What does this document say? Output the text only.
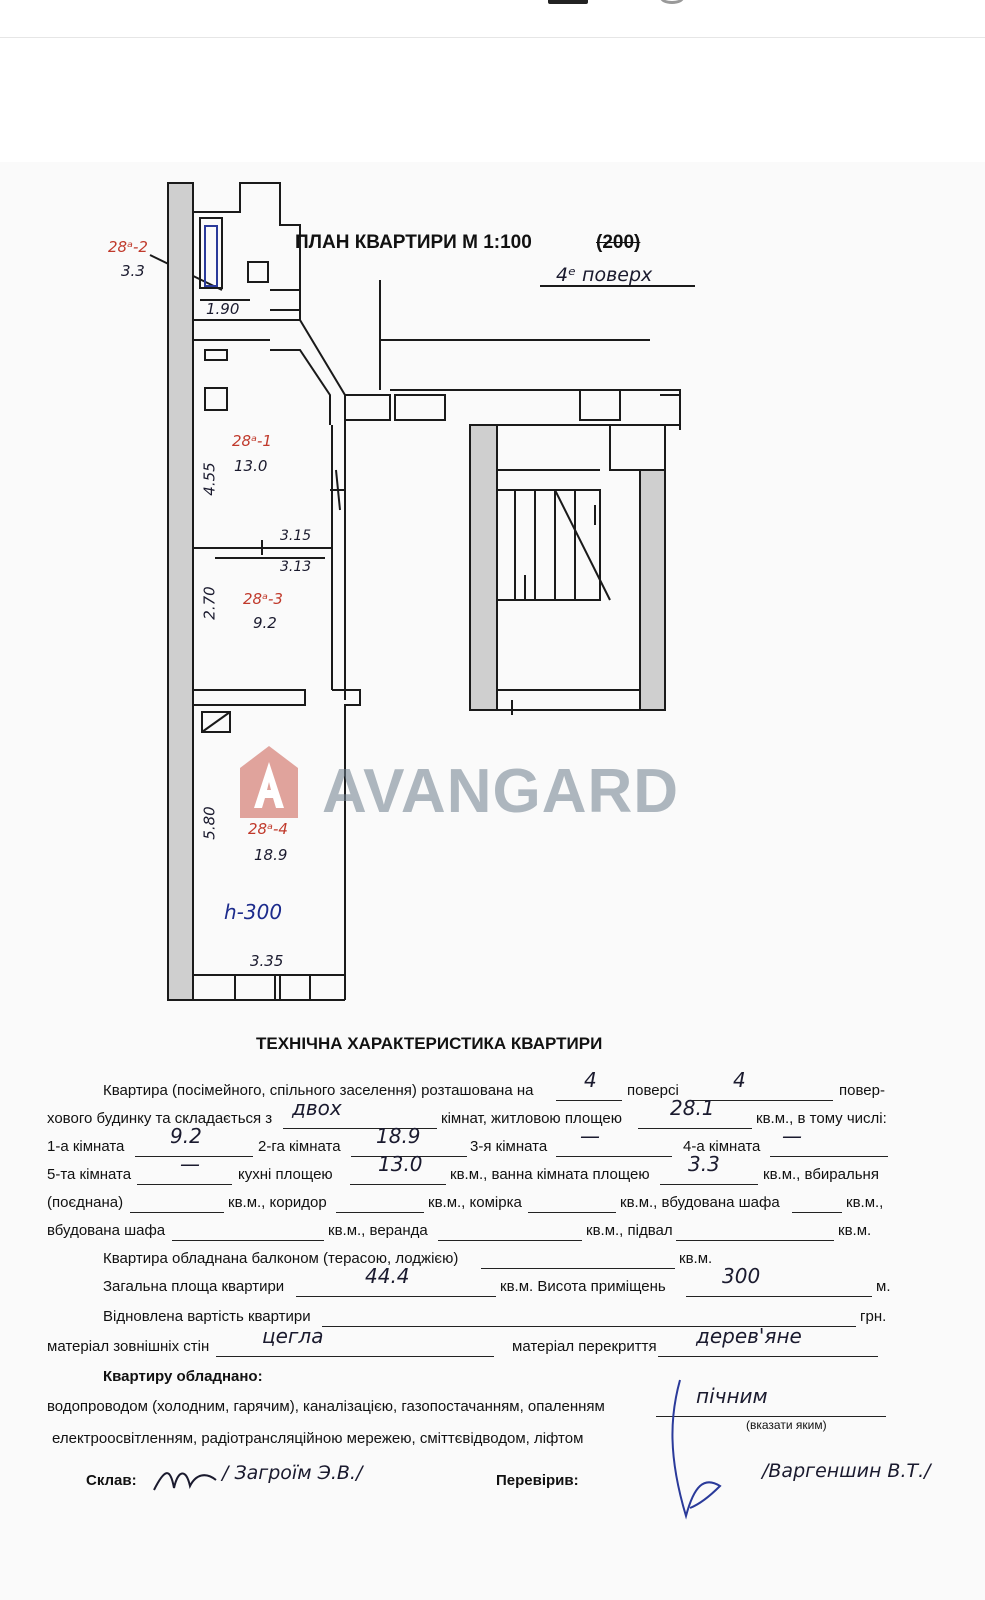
ПЛАН КВАРТИРИ М 1:100	(200)
4ᵉ поверх
28ᵃ-2
3.3
1.90
28ᵃ-1
13.0
4.55
3.15
3.13
28ᵃ-3
9.2
2.70
5.80 28ᵃ-4
18.9
h-300
3.35
AVANGARD
ТЕХНІЧНА ХАРАКТЕРИСТИКА КВАРТИРИ
Квартира (посімейного, спільного заселення) розташована на	4 поверсі	4	повер-
хового будинку та складається з двох	кімнат, житловою площею 28.1	кв.м., в тому числі:
1-а кімната 9.2	2-га кімната 18.9	3-я кімната —	4-а кімната —
5-та кімната —	кухні площею 13.0 кв.м., ванна кімната площею 3.3	кв.м., вбиральня
(поєднана)	кв.м., коридор	кв.м., комірка	кв.м., вбудована шафа	кв.м.,
вбудована шафа	кв.м., веранда	кв.м., підвал	кв.м.
Квартира обладнана балконом (терасою, лоджією)	кв.м.
Загальна площа квартири	44.4	кв.м. Висота приміщень	300	м.
Відновлена вартість квартири	грн.
матеріал зовнішніх стін	цегла	матеріал перекриття дерев'яне
Квартиру обладнано:
водопроводом (холодним, гарячим), каналізацією, газопостачанням, опаленням	пічним
(вказати яким)
електроосвітленням, радіотрансляційною мережею, сміттєвідводом, ліфтом
Склав:	/ Загроїм Э.В./	Перевірив:	/Варгеншин В.Т./
